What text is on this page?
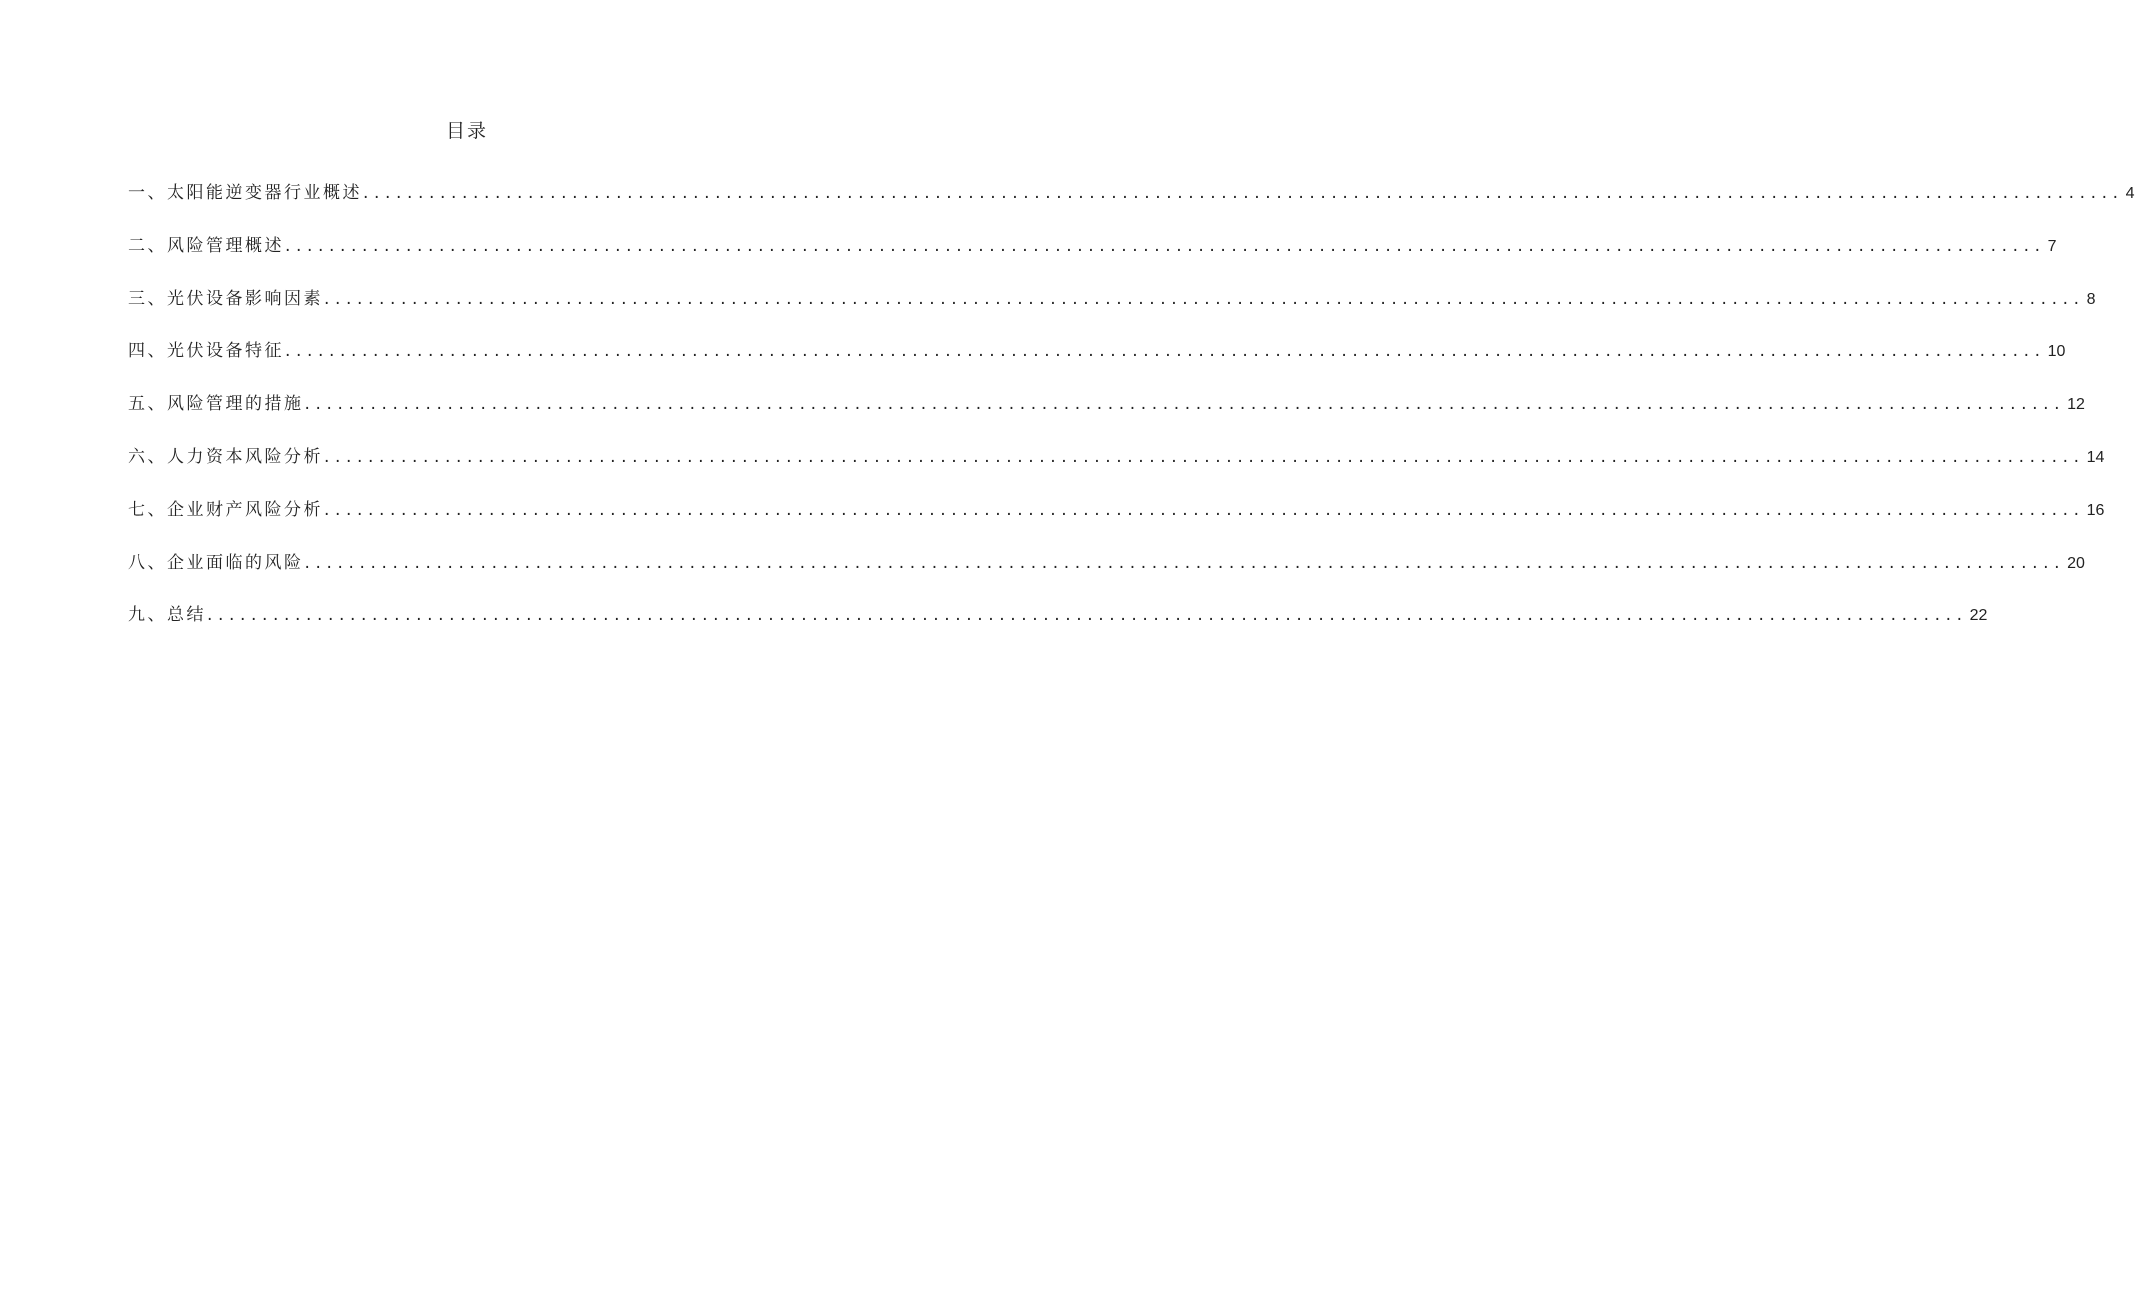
目录
一、太阳能逆变器行业概述 ................................................................................................................................................................ 4
二、风险管理概述 ................................................................................................................................................................ 7
三、光伏设备影响因素 ................................................................................................................................................................ 8
四、光伏设备特征 ................................................................................................................................................................ 10
五、风险管理的措施 ................................................................................................................................................................ 12
六、人力资本风险分析 ................................................................................................................................................................ 14
七、企业财产风险分析 ................................................................................................................................................................ 16
八、企业面临的风险 ................................................................................................................................................................ 20
九、总结 ................................................................................................................................................................ 22
